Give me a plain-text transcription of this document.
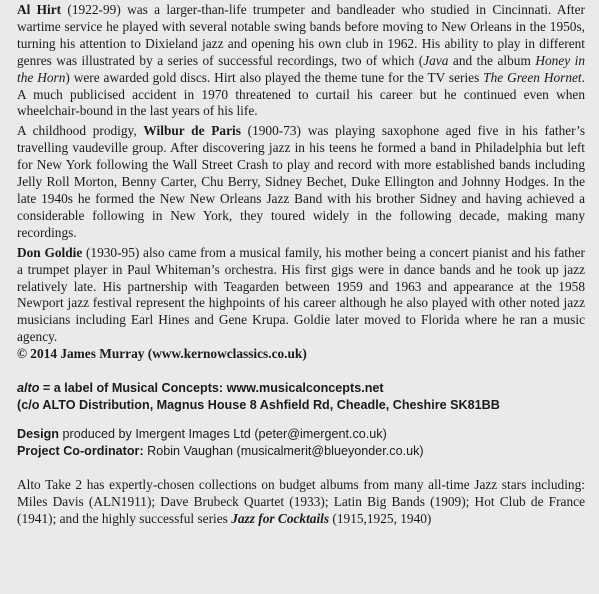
Al Hirt (1922-99) was a larger-than-life trumpeter and bandleader who studied in Cincinnati. After wartime service he played with several notable swing bands before moving to New Orleans in the 1950s, turning his attention to Dixieland jazz and opening his own club in 1962. His ability to play in different genres was illustrated by a series of successful recordings, two of which (Java and the album Honey in the Horn) were awarded gold discs. Hirt also played the theme tune for the TV series The Green Hornet. A much publicised accident in 1970 threatened to curtail his career but he continued even when wheelchair-bound in the last years of his life.

A childhood prodigy, Wilbur de Paris (1900-73) was playing saxophone aged five in his father’s travelling vaudeville group. After discovering jazz in his teens he formed a band in Philadelphia but left for New York following the Wall Street Crash to play and record with more established bands including Jelly Roll Morton, Benny Carter, Chu Berry, Sidney Bechet, Duke Ellington and Johnny Hodges. In the late 1940s he formed the New New Orleans Jazz Band with his brother Sidney and having achieved a considerable following in New York, they toured widely in the following decade, making many recordings.

Don Goldie (1930-95) also came from a musical family, his mother being a concert pianist and his father a trumpet player in Paul Whiteman’s orchestra. His first gigs were in dance bands and he took up jazz relatively late. His partnership with Teagarden between 1959 and 1963 and appearance at the 1958 Newport jazz festival represent the highpoints of his career although he also played with other noted jazz musicians including Earl Hines and Gene Krupa. Goldie later moved to Florida where he ran a music agency.

© 2014 James Murray (www.kernowclassics.co.uk)

alto = a label of Musical Concepts: www.musicalconcepts.net

(c/o ALTO Distribution, Magnus House 8 Ashfield Rd, Cheadle, Cheshire SK81BB

Design produced by Imergent Images Ltd (peter@imergent.co.uk)

Project Co-ordinator: Robin Vaughan (musicalmerit@blueyonder.co.uk)

Alto Take 2 has expertly-chosen collections on budget albums from many all-time Jazz stars including: Miles Davis (ALN1911); Dave Brubeck Quartet (1933); Latin Big Bands (1909); Hot Club de France (1941); and the highly successful series Jazz for Cocktails (1915,1925, 1940)
